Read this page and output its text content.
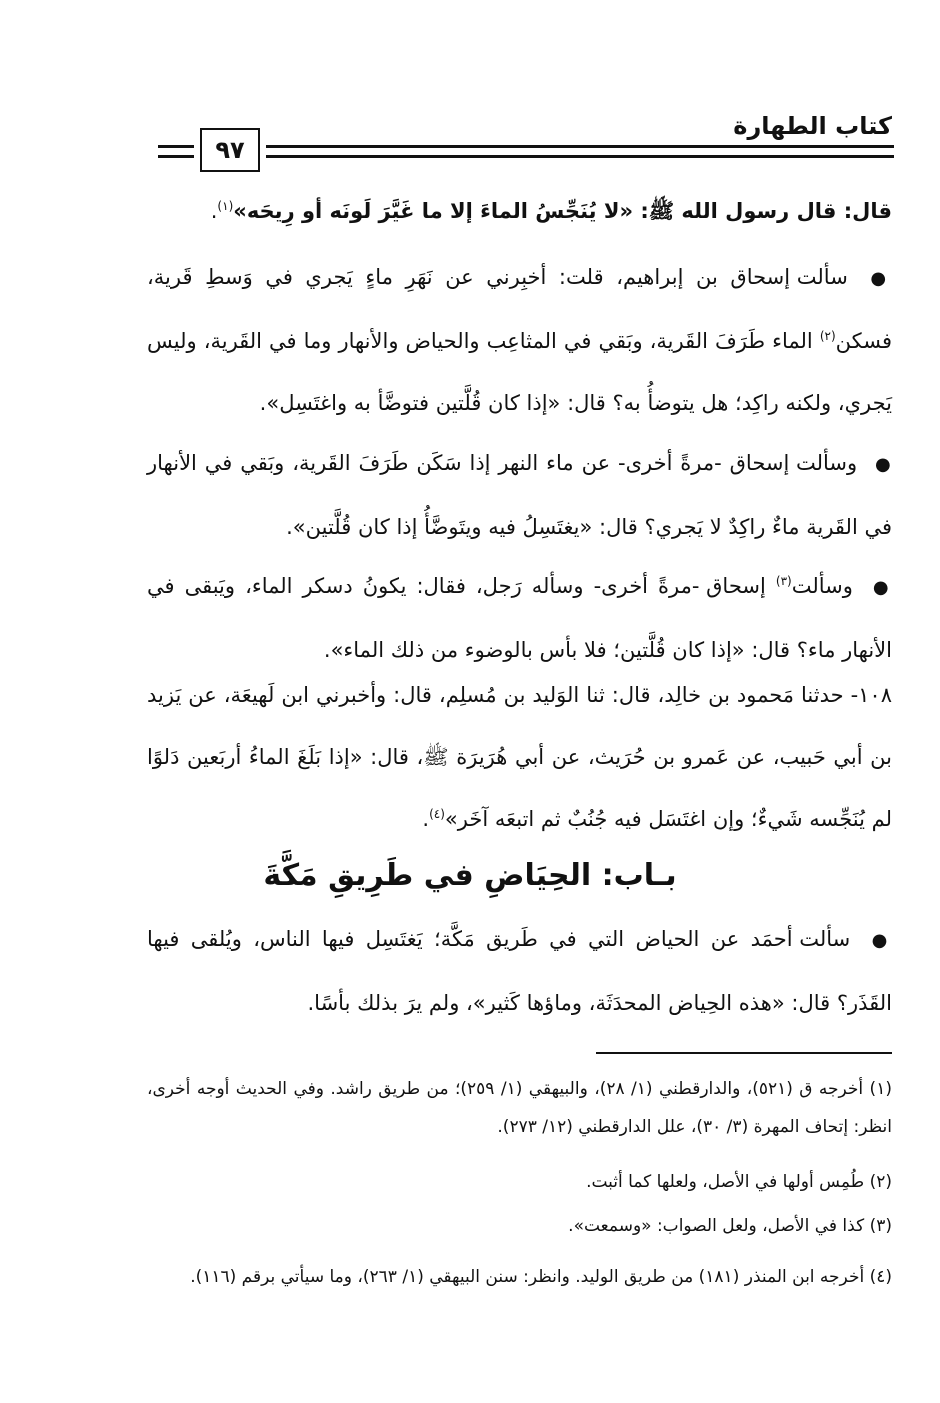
كتاب الطهارة
٩٧
قال: قال رسول الله ﷺ: «لا يُنَجِّسُ الماءَ إلا ما غَيَّرَ لَونَه أو رِيحَه»$^{(١)}$.
● سألت إسحاق بن إبراهيم، قلت: أخبِرني عن نَهَرِ ماءٍ يَجري في وَسطِ قَرية، فسكن$^{(٢)}$ الماء طَرَفَ القَرية، وبَقي في المثاعِب والحياض والأنهار وما في القَرية، وليس يَجري، ولكنه راكِد؛ هل يتوضأُ به؟ قال: «إذا كان قُلَّتين فتوضَّأ به واغتَسِل».
● وسألت إسحاق -مرةً أخرى- عن ماء النهر إذا سَكَن طَرَفَ القَرية، وبَقي في الأنهار في القَرية ماءٌ راكِدٌ لا يَجري؟ قال: «يغتَسِلُ فيه ويتَوضَّأُ إذا كان قُلَّتين».
● وسألت$^{(٣)}$ إسحاق -مرةً أخرى- وسأله رَجل، فقال: يكونُ دسكر الماء، ويَبقى في الأنهار ماء؟ قال: «إذا كان قُلَّتين؛ فلا بأس بالوضوء من ذلك الماء».
١٠٨- حدثنا مَحمود بن خالِد، قال: ثنا الوَليد بن مُسلِم، قال: وأخبرني ابن لَهيعَة، عن يَزيد بن أبي حَبيب، عن عَمرو بن حُرَيث، عن أبي هُرَيرَة ﷺ، قال: «إذا بَلَغَ الماءُ أربَعين دَلوًا لم يُنَجِّسه شَيءٌ؛ وإن اغتَسَل فيه جُنُبٌ ثم اتبعَه آخَر»$^{(٤)}$.
بـاب: الحِيَاضِ في طَرِيقِ مَكَّةَ
● سألت أحمَد عن الحياض التي في طَريق مَكَّة؛ يَغتَسِل فيها الناس، ويُلقى فيها القَذَر؟ قال: «هذه الحِياض المحدَثَة، وماؤها كَثير»، ولم يرَ بذلك بأسًا.
(١) أخرجه ق (٥٢١)، والدارقطني (١/ ٢٨)، والبيهقي (١/ ٢٥٩)؛ من طريق راشد. وفي الحديث أوجه أخرى، انظر: إتحاف المهرة (٣/ ٣٠)، علل الدارقطني (١٢/ ٢٧٣).
(٢) طُمِس أولها في الأصل، ولعلها كما أثبت.
(٣) كذا في الأصل، ولعل الصواب: «وسمعت».
(٤) أخرجه ابن المنذر (١٨١) من طريق الوليد. وانظر: سنن البيهقي (١/ ٢٦٣)، وما سيأتي برقم (١١٦).
